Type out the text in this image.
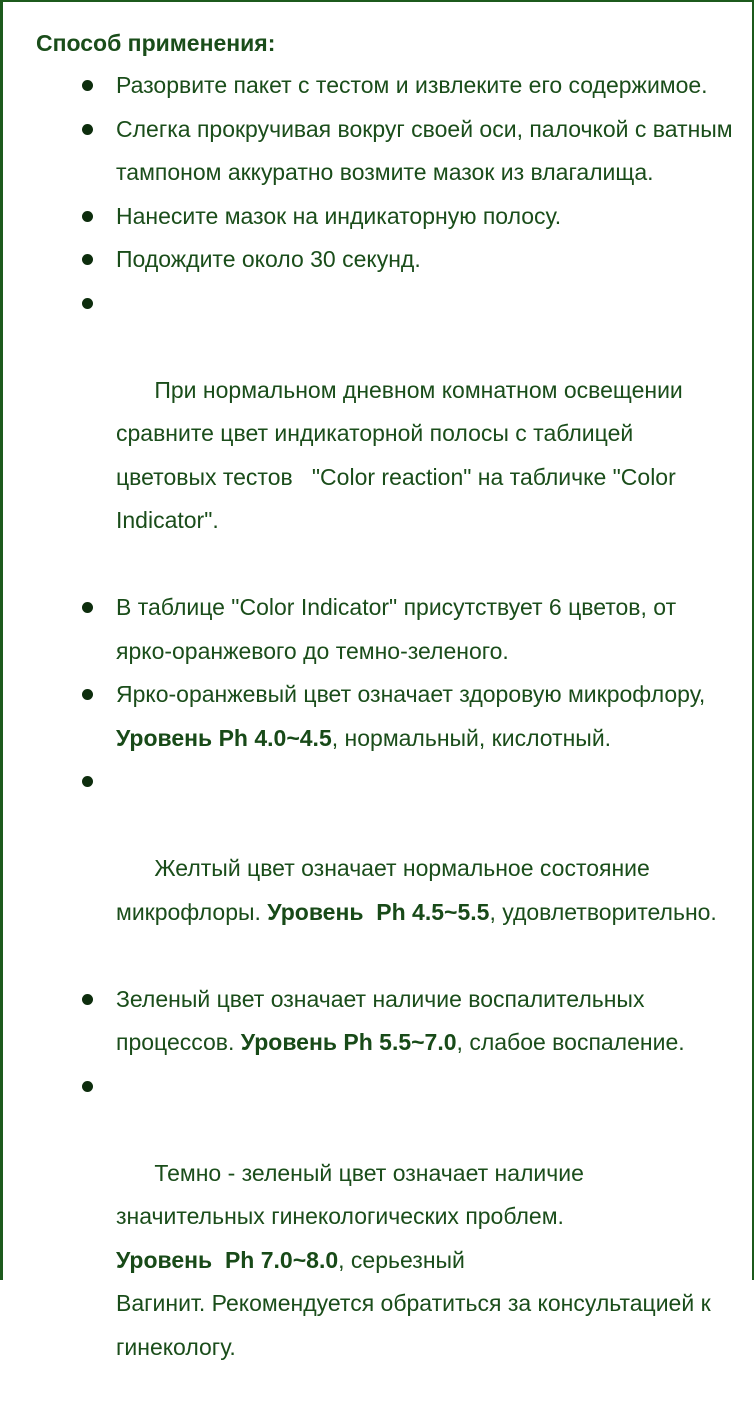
Способ применения:
Разорвите пакет с тестом и извлеките его содержимое.
Слегка прокручивая вокруг своей оси, палочкой с ватным тампоном аккуратно возмите мазок из влагалища.
Нанесите мазок на индикаторную полосу.
Подождите около 30 секунд.

При нормальном дневном комнатном освещении сравните цвет индикаторной полосы с таблицей цветовых тестов   "Color reaction" на табличке "Color Indicator".

В таблице "Color Indicator" присутствует 6 цветов, от ярко-оранжевого до темно-зеленого.
Ярко-оранжевый цвет означает здоровую микрофлору, Уровень Ph 4.0~4.5, нормальный, кислотный.

Желтый цвет означает нормальное состояние микрофлоры. Уровень  Ph 4.5~5.5, удовлетворительно.

Зеленый цвет означает наличие воспалительных процессов. Уровень Ph 5.5~7.0, слабое воспаление.

Темно - зеленый цвет означает наличие значительных гинекологических проблем.
Уровень  Ph 7.0~8.0, серьезный
Вагинит. Рекомендуется обратиться за консультацией к гинекологу.
